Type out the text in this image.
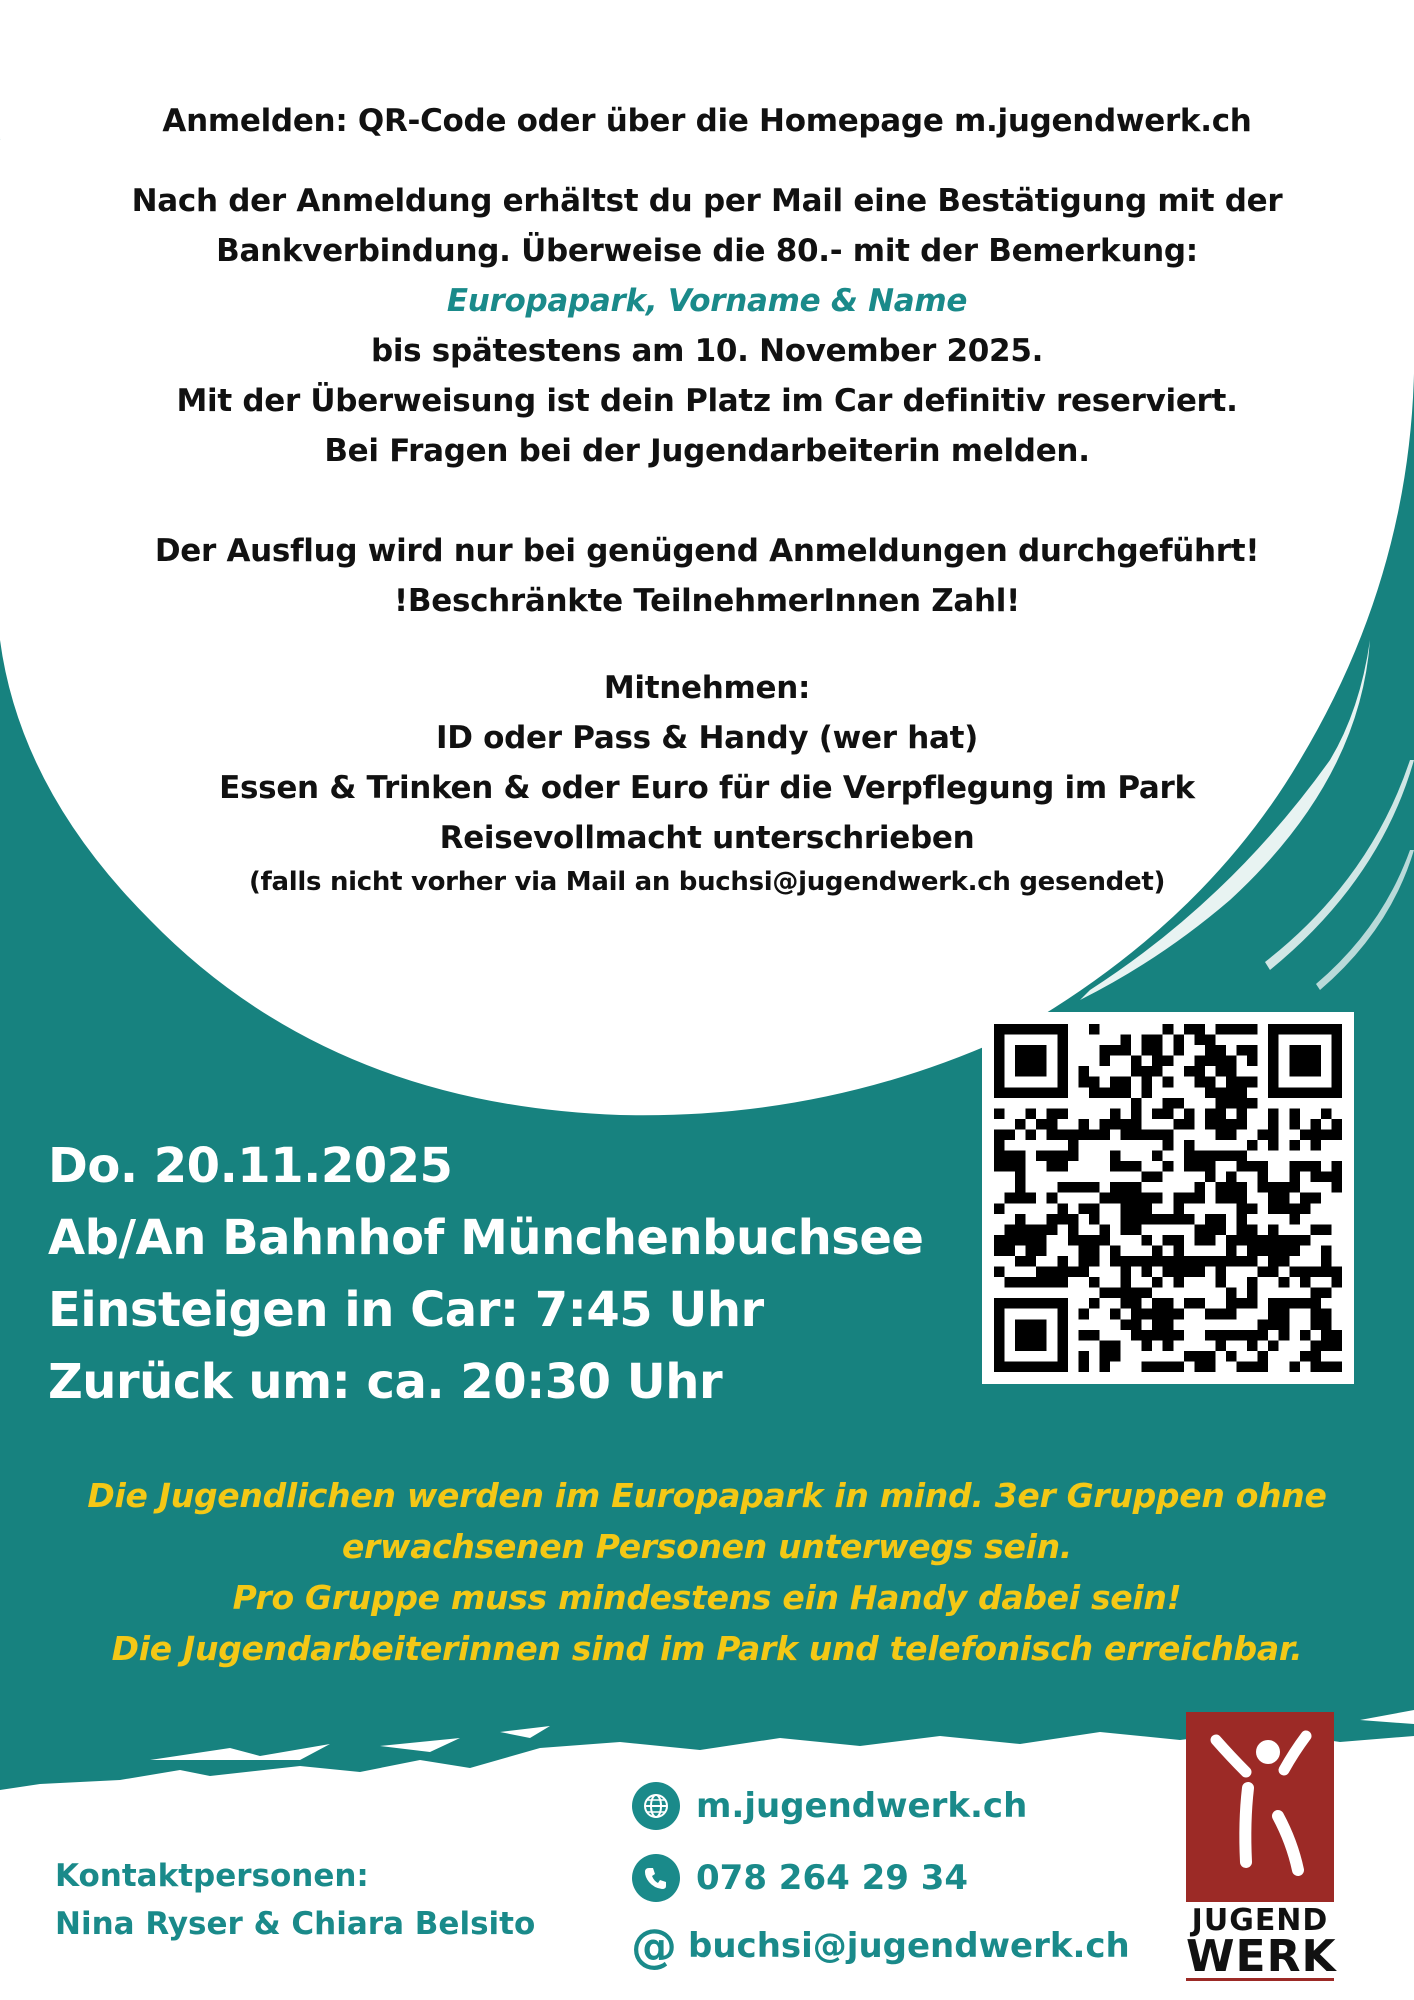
Anmelden: QR-Code oder über die Homepage m.jugendwerk.ch
Nach der Anmeldung erhältst du per Mail eine Bestätigung mit der
Bankverbindung. Überweise die 80.- mit der Bemerkung:
Europapark, Vorname & Name
bis spätestens am 10. November 2025.
Mit der Überweisung ist dein Platz im Car definitiv reserviert.
Bei Fragen bei der Jugendarbeiterin melden.
Der Ausflug wird nur bei genügend Anmeldungen durchgeführt!
!Beschränkte TeilnehmerInnen Zahl!
Mitnehmen:
ID oder Pass & Handy (wer hat)
Essen & Trinken & oder Euro für die Verpflegung im Park
Reisevollmacht unterschrieben
(falls nicht vorher via Mail an buchsi@jugendwerk.ch gesendet)
Do. 20.11.2025
Ab/An Bahnhof Münchenbuchsee
Einsteigen in Car: 7:45 Uhr
Zurück um: ca. 20:30 Uhr
Die Jugendlichen werden im Europapark in mind. 3er Gruppen ohne
erwachsenen Personen unterwegs sein.
Pro Gruppe muss mindestens ein Handy dabei sein!
Die Jugendarbeiterinnen sind im Park und telefonisch erreichbar.
Kontaktpersonen:
Nina Ryser & Chiara Belsito
m.jugendwerk.ch
078 264 29 34
@ buchsi@jugendwerk.ch
JUGEND
WERK
